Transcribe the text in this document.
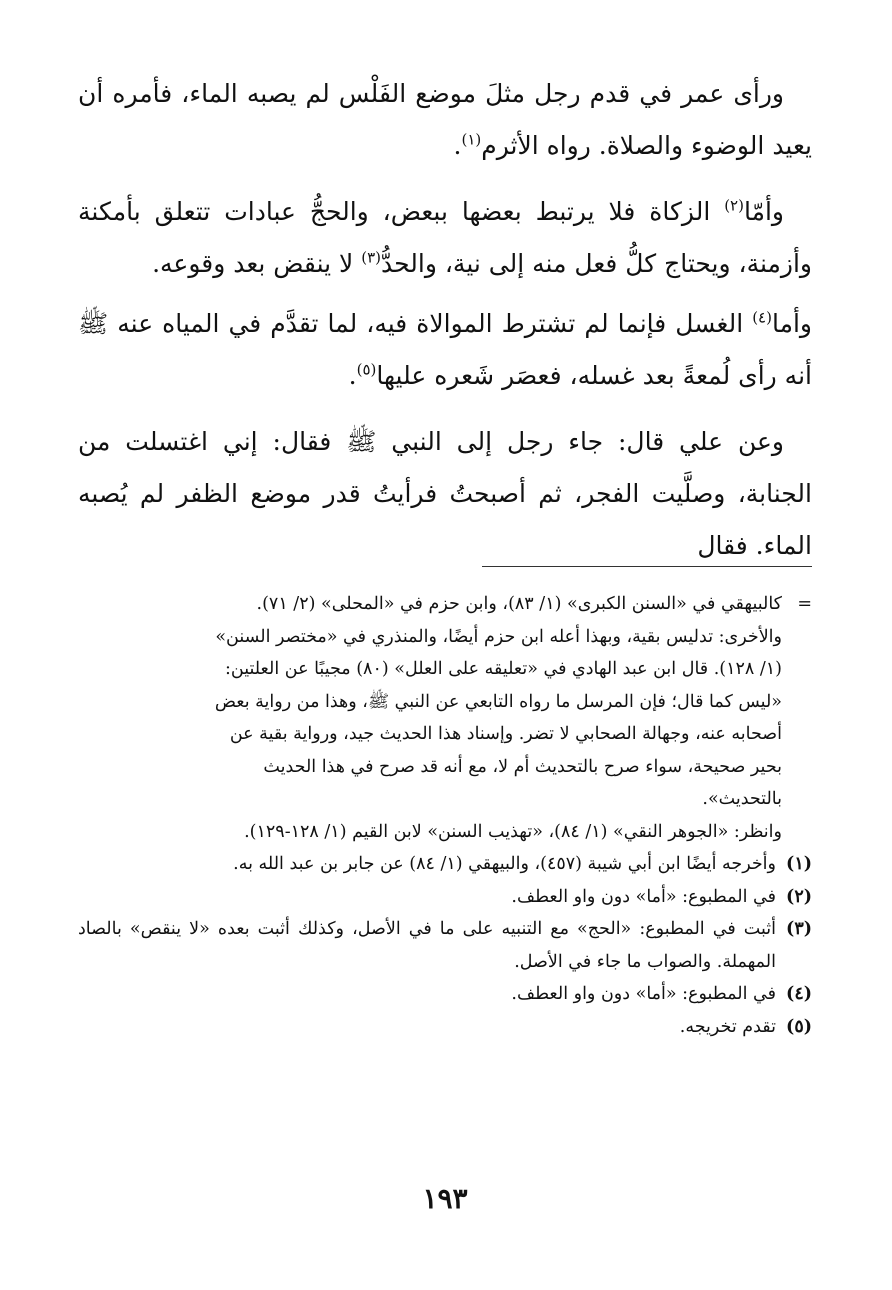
ورأى عمر في قدم رجل مثلَ موضع الفَلْس لم يصبه الماء، فأمره أن يعيد الوضوء والصلاة. رواه الأثرم$^{(١)}$.

وأمّا$^{(٢)}$ الزكاة فلا يرتبط بعضها ببعض، والحجُّ عبادات تتعلق بأمكنة وأزمنة، ويحتاج كلُّ فعل منه إلى نية، والحدُّ$^{(٣)}$ لا ينقض بعد وقوعه.

وأما$^{(٤)}$ الغسل فإنما لم تشترط الموالاة فيه، لما تقدَّم في المياه عنه ﷺ أنه رأى لُمعةً بعد غسله، فعصَر شَعره عليها$^{(٥)}$.

وعن علي قال: جاء رجل إلى النبي ﷺ فقال: إني اغتسلت من الجنابة، وصلَّيت الفجر، ثم أصبحتُ فرأيتُ قدر موضع الظفر لم يُصبه الماء. فقال

=
كالبيهقي في «السنن الكبرى» (١/ ٨٣)، وابن حزم في «المحلى» (٢/ ٧١).
والأخرى: تدليس بقية، وبهذا أعله ابن حزم أيضًا، والمنذري في «مختصر السنن»
(١/ ١٢٨). قال ابن عبد الهادي في «تعليقه على العلل» (٨٠) مجيبًا عن العلتين:
«ليس كما قال؛ فإن المرسل ما رواه التابعي عن النبي ﷺ، وهذا من رواية بعض
أصحابه عنه، وجهالة الصحابي لا تضر. وإسناد هذا الحديث جيد، ورواية بقية عن
بحير صحيحة، سواء صرح بالتحديث أم لا، مع أنه قد صرح في هذا الحديث
بالتحديث».
وانظر: «الجوهر النقي» (١/ ٨٤)، «تهذيب السنن» لابن القيم (١/ ١٢٨-١٢٩).
(١)
وأخرجه أيضًا ابن أبي شيبة (٤٥٧)، والبيهقي (١/ ٨٤) عن جابر بن عبد الله به.
(٢)
في المطبوع: «أما» دون واو العطف.
(٣)
أثبت في المطبوع: «الحج» مع التنبيه على ما في الأصل، وكذلك أثبت بعده «لا ينقص» بالصاد المهملة. والصواب ما جاء في الأصل.
(٤)
في المطبوع: «أما» دون واو العطف.
(٥)
تقدم تخريجه.
١٩٣
